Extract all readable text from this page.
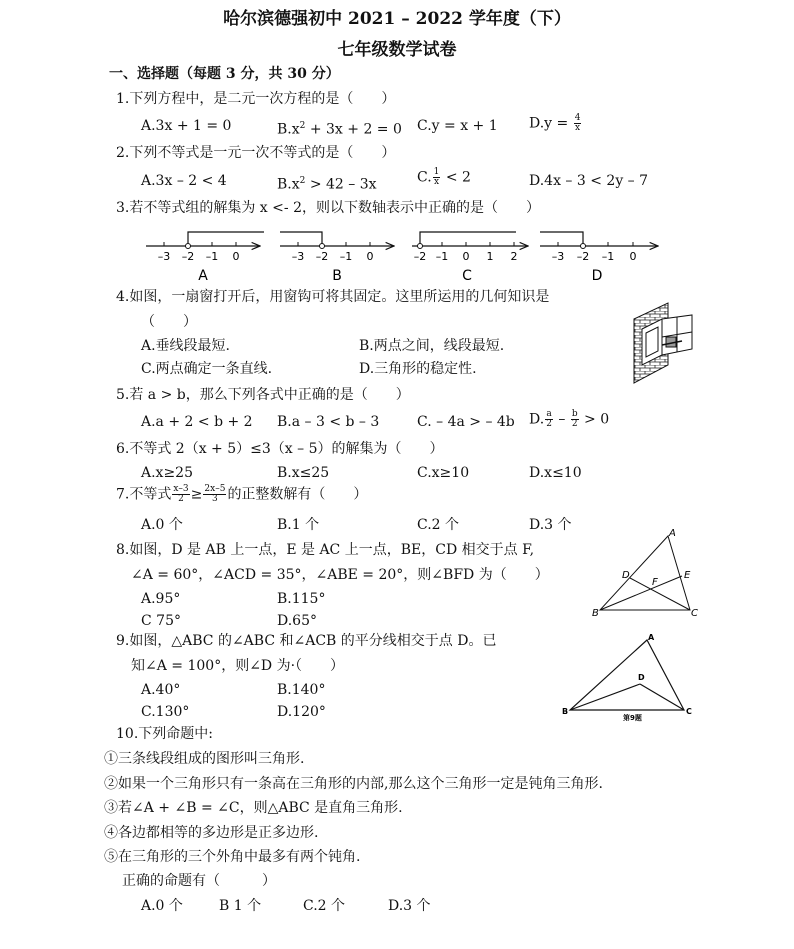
哈尔滨德强初中 2021 – 2022 学年度（下）
七年级数学试卷
一、选择题（每题 3 分，共 30 分）
1.下列方程中，是二元一次方程的是（　　）
A.3x + 1 = 0	$B.x^2 + 3x + 2 = 0$ C.y = x + 1 $D.y = \frac{4}{x}$
2.下列不等式是一元一次不等式的是（　　）
A.3x – 2 < 4	$B.x^2 > 42 - 3x$	C. $\frac{1}{x} < 2$	D.4x – 3 < 2y – 7
3.若不等式组的解集为 x <- 2，则以下数轴表示中正确的是（　　）
–3 –2 –1 0
A
–3 –2 –1 0
B
–2 –1 0 1 2
C
–3 –2 –1 0
D
4.如图，一扇窗打开后，用窗钩可将其固定。这里所运用的几何知识是
（　　）
A.垂线段最短.	B.两点之间，线段最短.
C.两点确定一条直线.	D.三角形的稳定性.
5.若 a > b，那么下列各式中正确的是（　　）
A.a + 2 < b + 2 B.a – 3 < b – 3	C. – 4a > – 4b D. $\frac{a}{2} - \frac{b}{2} > 0$
6.不等式 2（x + 5）≤3（x – 5）的解集为（　　）
A.x≥25	B.x≤25	C.x≥10	D.x≤10
7.不等式 $\frac{x-3}{2} \ge \frac{2x-5}{3}$ 的正整数解有（　　）
A.0 个	B.1 个	C.2 个	D.3 个
8.如图，D 是 AB 上一点，E 是 AC 上一点，BE，CD 相交于点 F,
∠A = 60°，∠ACD = 35°，∠ABE = 20°，则∠BFD 为（　　）
A.95°	B.115°
C 75°	D.65°
A
B	C
D	E
F
9.如图，△ABC 的∠ABC 和∠ACB 的平分线相交于点 D。已
知∠A = 100°，则∠D 为·（　　）
A.40°	B.140°
C.130°	D.120°
A
B	C
D
第9题
10.下列命题中:
①三条线段组成的图形叫三角形.
②如果一个三角形只有一条高在三角形的内部,那么这个三角形一定是钝角三角形.
③若∠A + ∠B = ∠C，则△ABC 是直角三角形.
④各边都相等的多边形是正多边形.
⑤在三角形的三个外角中最多有两个钝角.
正确的命题有（　　　）
A.0 个	B 1 个	C.2 个	D.3 个
